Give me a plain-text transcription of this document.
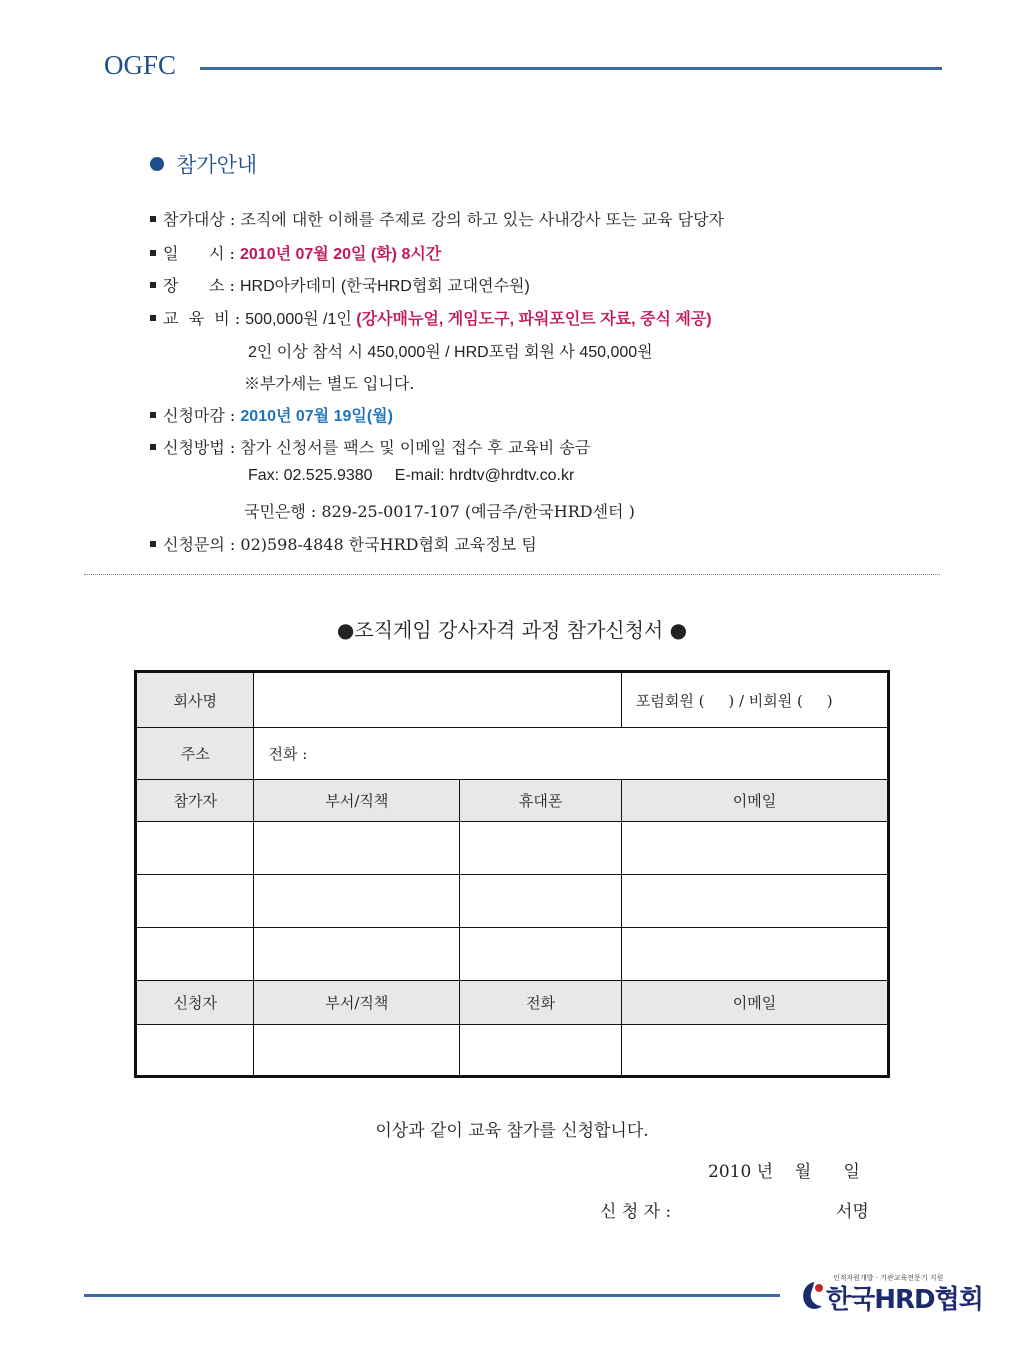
OGFC
참가안내
참가대상 : 조직에 대한 이해를 주제로 강의 하고 있는 사내강사 또는 교육 담당자
일      시 : 2010년 07월 20일 (화) 8시간
장      소 : HRD아카데미 (한국HRD협회 교대연수원)
교  육  비 : 500,000원 /1인 (강사매뉴얼, 게임도구, 파워포인트 자료, 중식 제공)
2인 이상 참석 시 450,000원 / HRD포럼 회원 사 450,000원
※부가세는 별도 입니다.
신청마감 : 2010년 07월 19일(월)
신청방법 : 참가 신청서를 팩스 및 이메일 접수 후 교육비 송금
Fax: 02.525.9380     E-mail: hrdtv@hrdtv.co.kr
국민은행 : 829-25-0017-107 (예금주/한국HRD센터 )
신청문의 : 02)598-4848 한국HRD협회 교육정보 팀
●조직게임 강사자격 과정 참가신청서 ●
회사명			포럼회원 (     ) / 비회원 (     )
주소	전화 :		
참가자	부서/직책	휴대폰	이메일

신청자	부서/직책	전화	이메일

이상과 같이 교육 참가를 신청합니다.
2010 년    월      일
신 청 자 :	서명
인적자원개발 · 기관교육전문기 지원
한국HRD협회
